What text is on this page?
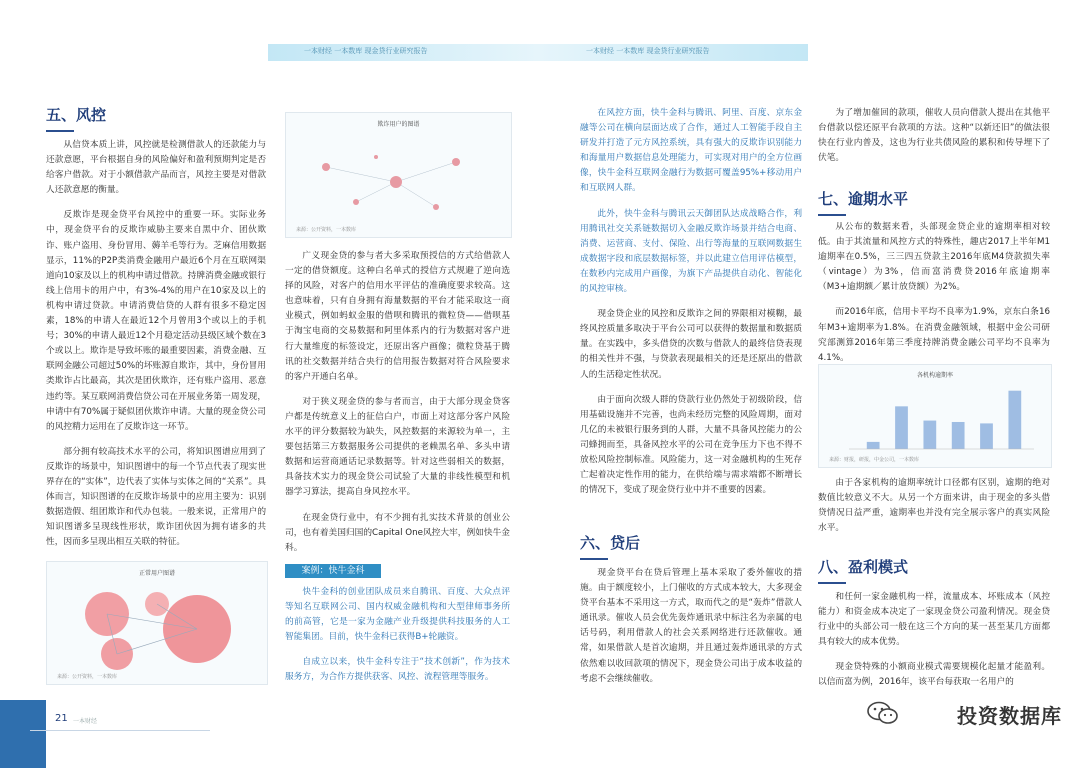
一本财经 一本数库 现金贷行业研究报告	一本财经 一本数库 现金贷行业研究报告
五、风控

从信贷本质上讲，风控就是检测借款人的还款能力与还款意愿，平台根据自身的风险偏好和盈利预期判定是否给客户借款。对于小额借款产品而言，风控主要是对借款人还款意愿的衡量。

反欺诈是现金贷平台风控中的重要一环。实际业务中，现金贷平台的反欺诈威胁主要来自黑中介、团伙欺诈、账户盗用、身份冒用、薅羊毛等行为。芝麻信用数据显示，11%的P2P类消费金融用户最近6个月在互联网渠道向10家及以上的机构申请过借款。持牌消费金融或银行线上信用卡的用户中，有3%-4%的用户在10家及以上的机构申请过贷款。申请消费信贷的人群有很多不稳定因素，18%的申请人在最近12个月曾用3个或以上的手机号；30%的申请人最近12个月稳定活动县级区域个数在3个或以上。欺诈是导致坏账的最重要因素，消费金融、互联网金融公司超过50%的坏账源自欺诈，其中，身份冒用类欺诈占比最高，其次是团伙欺诈，还有账户盗用、恶意违约等。某互联网消费信贷公司在开展业务第一周发现，申请中有70%属于疑似团伙欺诈申请。大量的现金贷公司的风控精力运用在了反欺诈这一环节。

部分拥有较高技术水平的公司，将知识图谱应用到了反欺诈的场景中，知识图谱中的每一个节点代表了现实世界存在的“实体”，边代表了实体与实体之间的“关系”。具体而言，知识图谱的在反欺诈场景中的应用主要为：识别数据造假、组团欺诈和代办包装。一般来说，正常用户的知识图谱多呈现线性形状，欺诈团伙因为拥有诸多的共性，因而多呈现出相互关联的特征。

正常用户图谱
来源：公开资料，一本数库
欺诈用户的图谱
来源：公开资料，一本数库

广义现金贷的参与者大多采取预授信的方式给借款人一定的借贷额度。这种白名单式的授信方式规避了逆向选择的风险，对客户的信用水平评估的准确度要求较高。这也意味着，只有自身拥有海量数据的平台才能采取这一商业模式，例如蚂蚁金服的借呗和腾讯的微粒贷——借呗基于淘宝电商的交易数据和阿里体系内的行为数据对客户进行大量维度的标签设定，还原出客户画像；微粒贷基于腾讯的社交数据并结合央行的信用报告数据对符合风险要求的客户开通白名单。

对于狭义现金贷的参与者而言，由于大部分现金贷客户都是传统意义上的征信白户，市面上对这部分客户风险水平的评分数据较为缺失，风控数据的来源较为单一，主要包括第三方数据服务公司提供的老赖黑名单、多头申请数据和运营商通话记录数据等。针对这些弱相关的数据，具备技术实力的现金贷公司试验了大量的非线性模型和机器学习算法，提高自身风控水平。

在现金贷行业中，有不少拥有扎实技术背景的创业公司，也有着美国归国的Capital One风控大牢，例如快牛金科。

案例：快牛金科

快牛金科的创业团队成员来自腾讯、百度、大众点评等知名互联网公司、国内权威金融机构和大型律师事务所的前高管，它是一家为金融产业升级提供科技服务的人工智能集团。目前，快牛金科已获得B+轮融资。

自成立以来，快牛金科专注于“技术创新”，作为技术服务方，为合作方提供获客、风控、流程管理等服务。

在风控方面，快牛金科与腾讯、阿里、百度、京东金融等公司在横向层面达成了合作，通过人工智能手段自主研发并打造了元方风控系统，具有强大的反欺诈识别能力和海量用户数据信息处理能力，可实现对用户的全方位画像，快牛金科互联网金融行为数据可覆盖95%+移动用户和互联网人群。

此外，快牛金科与腾讯云天御团队达成战略合作，利用腾讯社交关系链数据切入金融反欺诈场景并结合电商、消费、运营商、支付、保险、出行等海量的互联网数据生成数据字段和底层数据标签，并以此建立信用评估模型，在数秒内完成用户画像，为旗下产品提供自动化、智能化的风控审核。

现金贷企业的风控和反欺诈之间的界限相对模糊，最终风控质量多取决于平台公司可以获得的数据量和数据质量。在实践中，多头借贷的次数与借款人的最终信贷表现的相关性并不强，与贷款表现最相关的还是还原出的借款人的生活稳定性状况。

由于面向次级人群的贷款行业仍然处于初级阶段，信用基础设施并不完善，也尚未经历完整的风险周期，面对几亿的未被银行服务到的人群，大量不具备风控能力的公司蜂拥而至，具备风控水平的公司在竞争压力下也不得不放松风险控制标准。风险能力，这一对金融机构的生死存亡起着决定性作用的能力，在供给端与需求端都不断增长的情况下，变成了现金贷行业中并不重要的因素。

六、贷后

现金贷平台在贷后管理上基本采取了委外催收的措施。由于额度较小，上门催收的方式成本较大，大多现金贷平台基本不采用这一方式，取而代之的是“轰炸”借款人通讯录。催收人员会优先轰炸通讯录中标注名为亲属的电话号码，利用借款人的社会关系网络进行还款催收。通常，如果借款人是首次逾期，并且通过轰炸通讯录的方式依然难以收回款项的情况下，现金贷公司出于成本收益的考虑不会继续催收。

为了增加催回的款项，催收人员向借款人提出在其他平台借款以偿还原平台款项的方法。这种“以新还旧”的做法很快在行业内普及，这也为行业共债风险的累积和传导埋下了伏笔。

七、逾期水平

从公布的数据来看，头部现金贷企业的逾期率相对较低。由于其流量和风控方式的特殊性，趣店2017上半年M1逾期率在0.5%，三三四五贷款主2016年底M4贷款损失率（vintage）为3%，信而富消费贷2016年底逾期率（M3+逾期额／累计放贷额）为2%。

而2016年底，信用卡平均不良率为1.9%，京东白条16年M3+逾期率为1.8%。在消费金融领域，根据中金公司研究部测算2016年第三季度持牌消费金融公司平均不良率为4.1%。

各机构逾期率
来源：财报，研报，中金公司，一本数库

由于各家机构的逾期率统计口径都有区别，逾期的绝对数值比较意义不大。从另一个方面来讲，由于现金的多头借贷情况日益严重，逾期率也并没有完全展示客户的真实风险水平。

八、盈利模式

和任何一家金融机构一样，流量成本、坏账成本（风控能力）和资金成本决定了一家现金贷公司盈利情况。现金贷行业中的头部公司一般在这三个方向的某一甚至某几方面都具有较大的成本优势。

现金贷特殊的小额商业模式需要规模化起量才能盈利。以信而富为例，2016年，该平台每获取一名用户的

21 一本财经	投资数据库
